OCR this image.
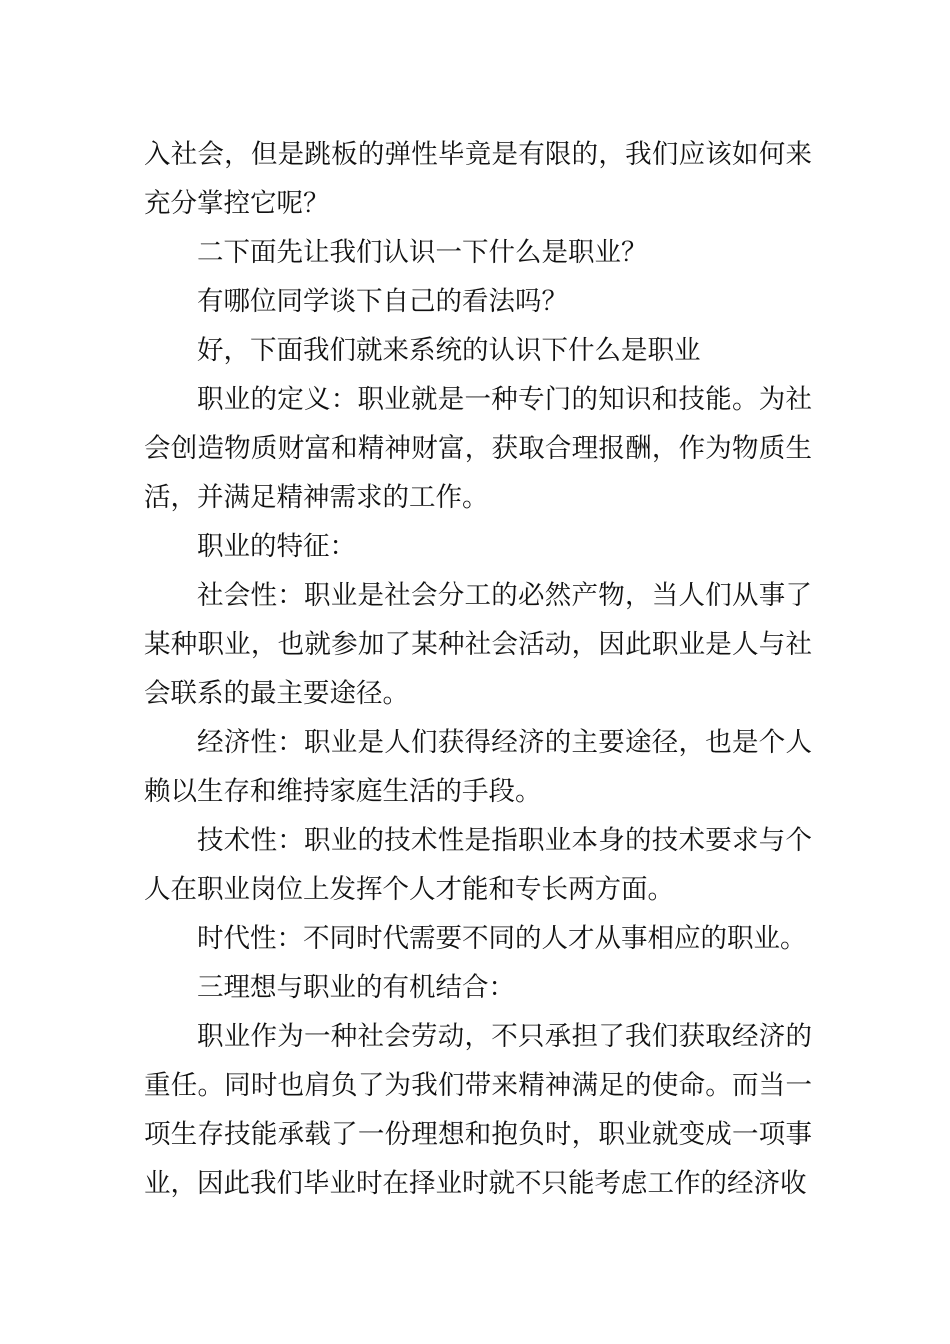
入社会，但是跳板的弹性毕竟是有限的，我们应该如何来充分掌控它呢？

二下面先让我们认识一下什么是职业？

有哪位同学谈下自己的看法吗？

好，下面我们就来系统的认识下什么是职业

职业的定义：职业就是一种专门的知识和技能。为社会创造物质财富和精神财富，获取合理报酬，作为物质生活，并满足精神需求的工作。

职业的特征：

社会性：职业是社会分工的必然产物，当人们从事了某种职业，也就参加了某种社会活动，因此职业是人与社会联系的最主要途径。

经济性：职业是人们获得经济的主要途径，也是个人赖以生存和维持家庭生活的手段。

技术性：职业的技术性是指职业本身的技术要求与个人在职业岗位上发挥个人才能和专长两方面。

时代性：不同时代需要不同的人才从事相应的职业。

三理想与职业的有机结合：

职业作为一种社会劳动，不只承担了我们获取经济的重任。同时也肩负了为我们带来精神满足的使命。而当一项生存技能承载了一份理想和抱负时，职业就变成一项事业，因此我们毕业时在择业时就不只能考虑工作的经济收
